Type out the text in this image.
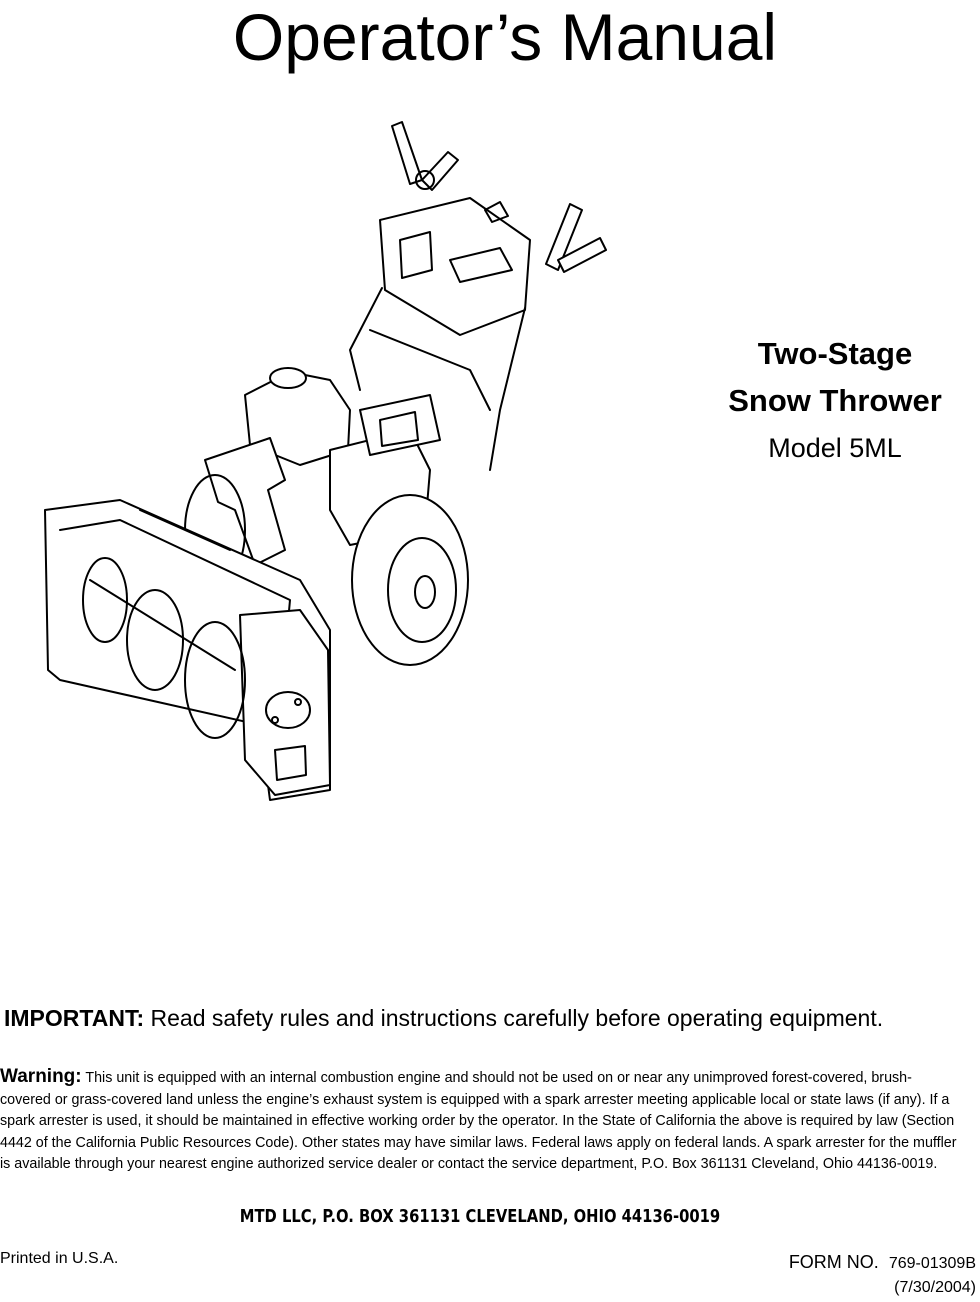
Operator’s Manual
Two-Stage
Snow Thrower
Model 5ML
IMPORTANT: Read safety rules and instructions carefully before operating equipment.
Warning: This unit is equipped with an internal combustion engine and should not be used on or near any unimproved forest-covered, brush-covered or grass-covered land unless the engine’s exhaust system is equipped with a spark arrester meeting applicable local or state laws (if any). If a spark arrester is used, it should be maintained in effective working order by the operator. In the State of California the above is required by law (Section 4442 of the California Public Resources Code). Other states may have similar laws. Federal laws apply on federal lands. A spark arrester for the muffler is available through your nearest engine authorized service dealer or contact the service department, P.O. Box 361131 Cleveland, Ohio 44136-0019.
MTD LLC, P.O. BOX 361131 CLEVELAND, OHIO 44136-0019
Printed in U.S.A.	FORM NO. 769-01309B
(7/30/2004)
